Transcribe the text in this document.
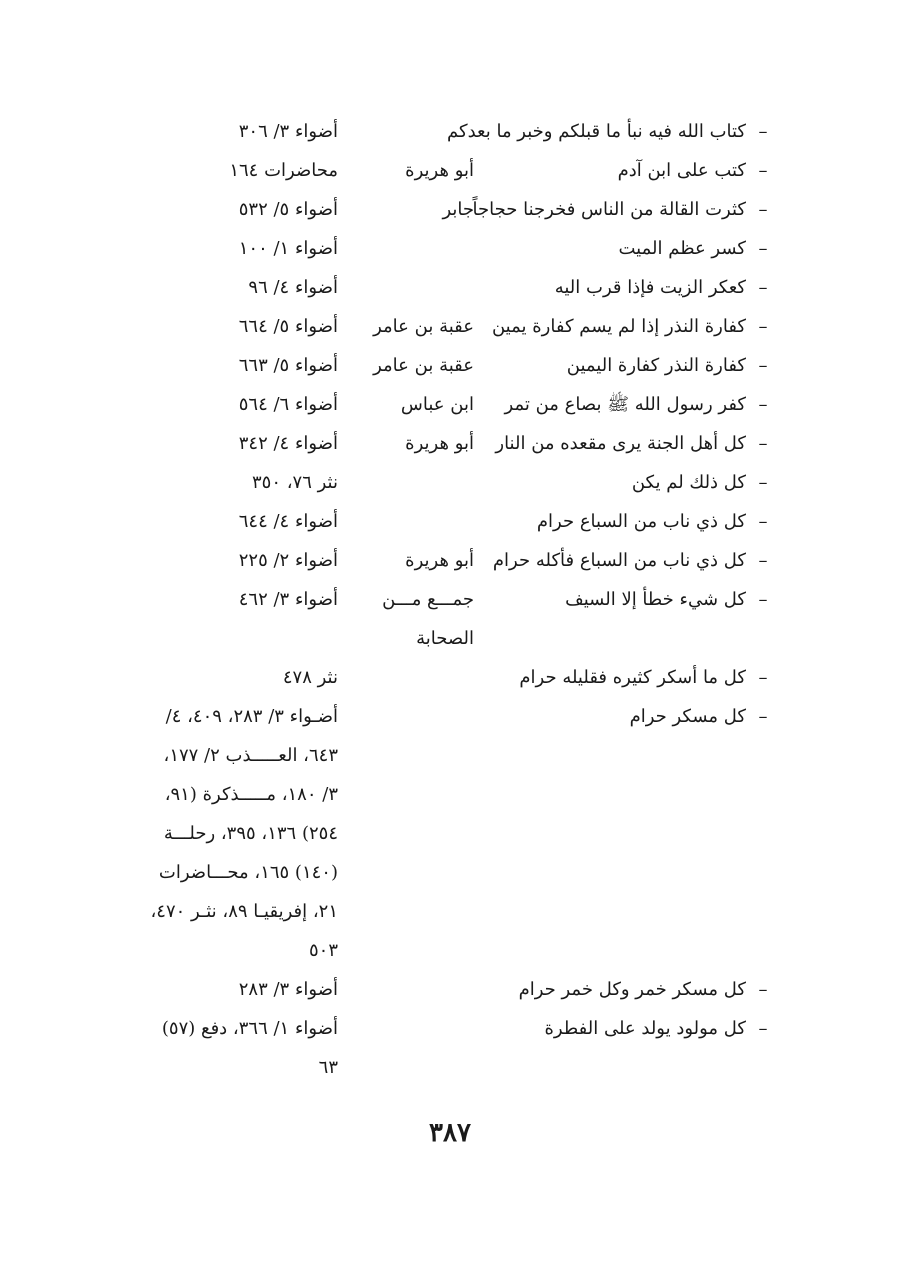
–
كتاب الله فيه نبأ ما قبلكم وخبر ما بعدكم
أضواء ٣/ ٣٠٦
–
كتب على ابن آدم
أبو هريرة
محاضرات ١٦٤
–
كثرت القالة من الناس فخرجنا حجاجاً
جابر
أضواء ٥/ ٥٣٢
–
كسر عظم الميت
أضواء ١/ ١٠٠
–
كعكر الزيت فإذا قرب اليه
أضواء ٤/ ٩٦
–
كفارة النذر إذا لم يسم كفارة يمين
عقبة بن عامر
أضواء ٥/ ٦٦٤
–
كفارة النذر كفارة اليمين
عقبة بن عامر
أضواء ٥/ ٦٦٣
–
كفر رسول الله ﷺ بصاع من تمر
ابن عباس
أضواء ٦/ ٥٦٤
–
كل أهل الجنة يرى مقعده من النار
أبو هريرة
أضواء ٤/ ٣٤٢
–
كل ذلك لم يكن
نثر ٧٦، ٣٥٠
–
كل ذي ناب من السباع حرام
أضواء ٤/ ٦٤٤
–
كل ذي ناب من السباع فأكله حرام
أبو هريرة
أضواء ٢/ ٢٢٥
–
كل شيء خطأ إلا السيف
جمـــع مـــن
الصحابة
أضواء ٣/ ٤٦٢
–
كل ما أسكر كثيره فقليله حرام
نثر ٤٧٨
–
كل مسكر حرام
أضـواء ٣/ ٢٨٣، ٤٠٩، ٤/
٦٤٣، العـــــذب ٢/ ١٧٧،
٣/ ١٨٠، مـــــذكرة (٩١،
٢٥٤) ١٣٦، ٣٩٥، رحلـــة
(١٤٠) ١٦٥، محـــاضرات
٢١، إفريقيـا ٨٩، نثـر ٤٧٠،
٥٠٣
–
كل مسكر خمر وكل خمر حرام
أضواء ٣/ ٢٨٣
–
كل مولود يولد على الفطرة
أضواء ١/ ٣٦٦، دفع (٥٧)
٦٣
٣٨٧
